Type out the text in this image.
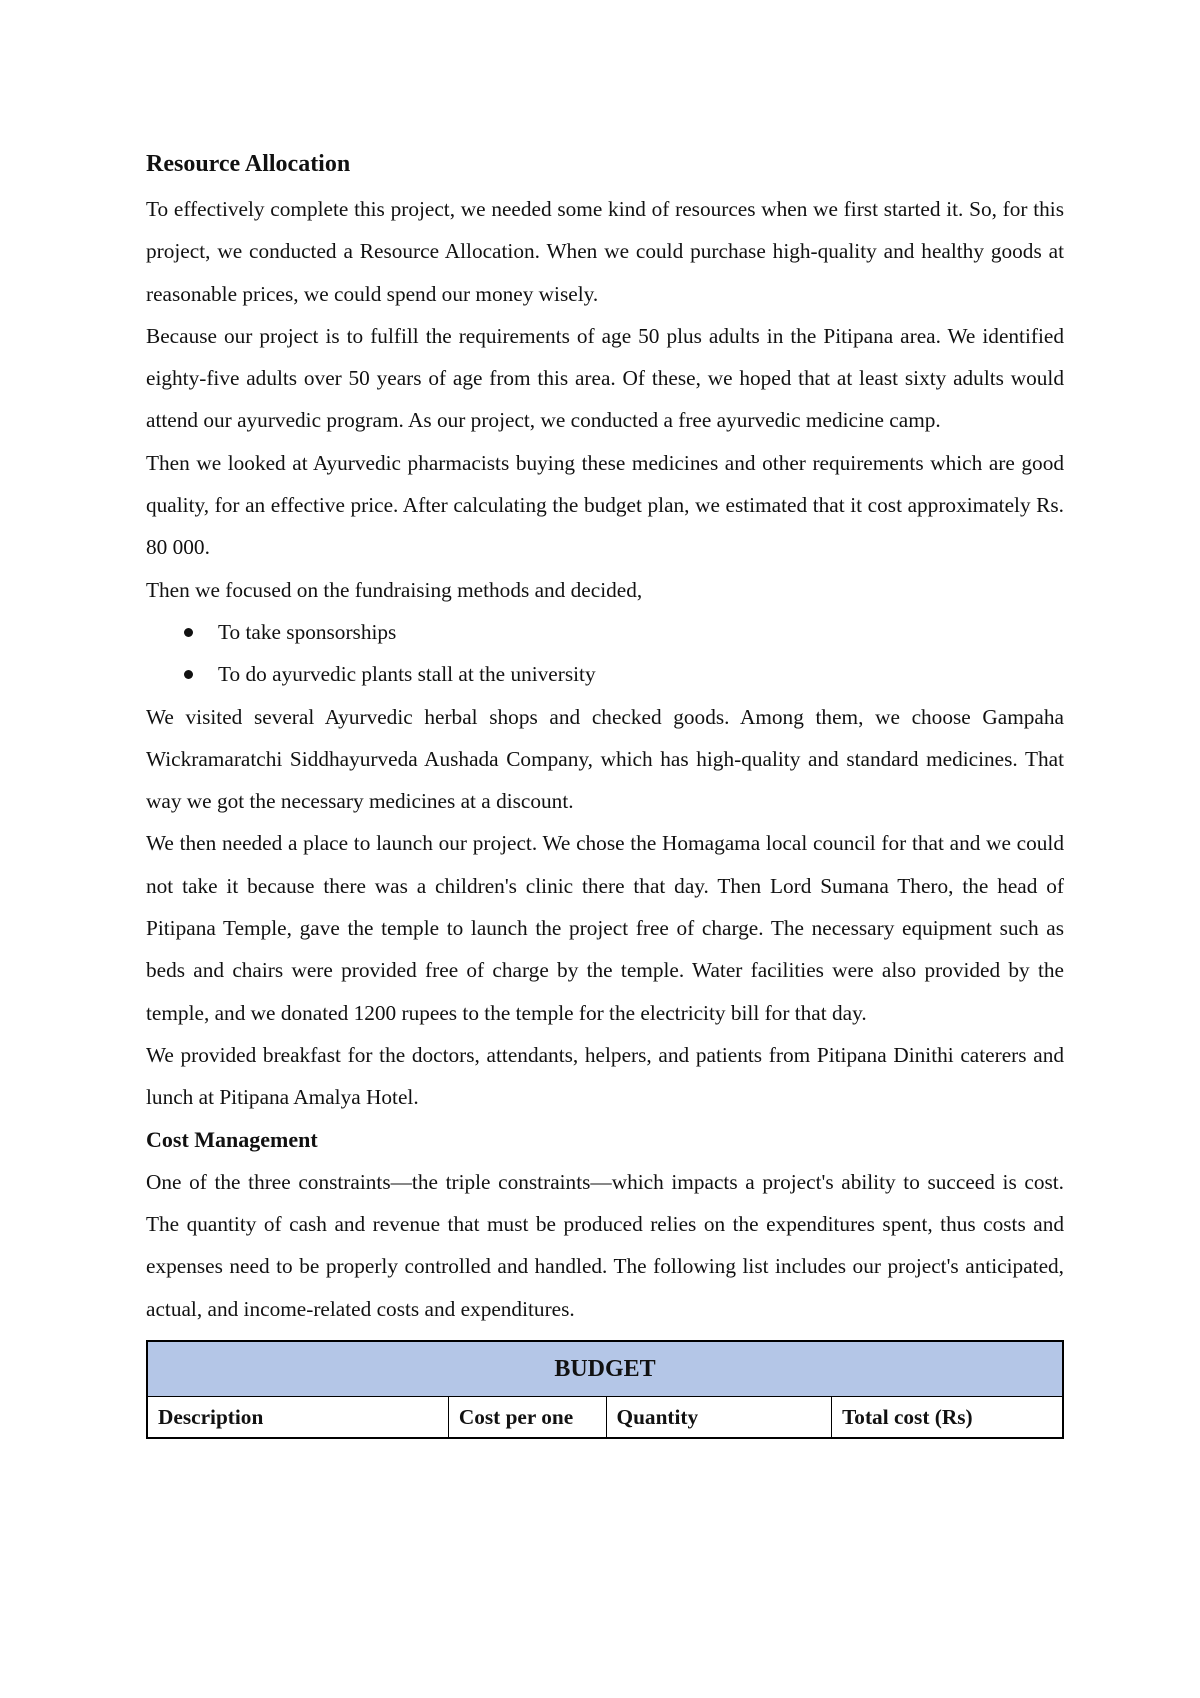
Resource Allocation

To effectively complete this project, we needed some kind of resources when we first started it. So, for this project, we conducted a Resource Allocation. When we could purchase high-quality and healthy goods at reasonable prices, we could spend our money wisely.

Because our project is to fulfill the requirements of age 50 plus adults in the Pitipana area. We identified eighty-five adults over 50 years of age from this area. Of these, we hoped that at least sixty adults would attend our ayurvedic program. As our project, we conducted a free ayurvedic medicine camp.

Then we looked at Ayurvedic pharmacists buying these medicines and other requirements which are good quality, for an effective price. After calculating the budget plan, we estimated that it cost approximately Rs. 80 000.

Then we focused on the fundraising methods and decided,

To take sponsorships
To do ayurvedic plants stall at the university

We visited several Ayurvedic herbal shops and checked goods. Among them, we choose Gampaha Wickramaratchi Siddhayurveda Aushada Company, which has high-quality and standard medicines. That way we got the necessary medicines at a discount.

We then needed a place to launch our project. We chose the Homagama local council for that and we could not take it because there was a children's clinic there that day. Then Lord Sumana Thero, the head of Pitipana Temple, gave the temple to launch the project free of charge. The necessary equipment such as beds and chairs were provided free of charge by the temple. Water facilities were also provided by the temple, and we donated 1200 rupees to the temple for the electricity bill for that day.

We provided breakfast for the doctors, attendants, helpers, and patients from Pitipana Dinithi caterers and lunch at Pitipana Amalya Hotel.

Cost Management

One of the three constraints—the triple constraints—which impacts a project's ability to succeed is cost. The quantity of cash and revenue that must be produced relies on the expenditures spent, thus costs and expenses need to be properly controlled and handled. The following list includes our project's anticipated, actual, and income-related costs and expenditures.

BUDGET
Description	Cost per one	Quantity	Total cost (Rs)
